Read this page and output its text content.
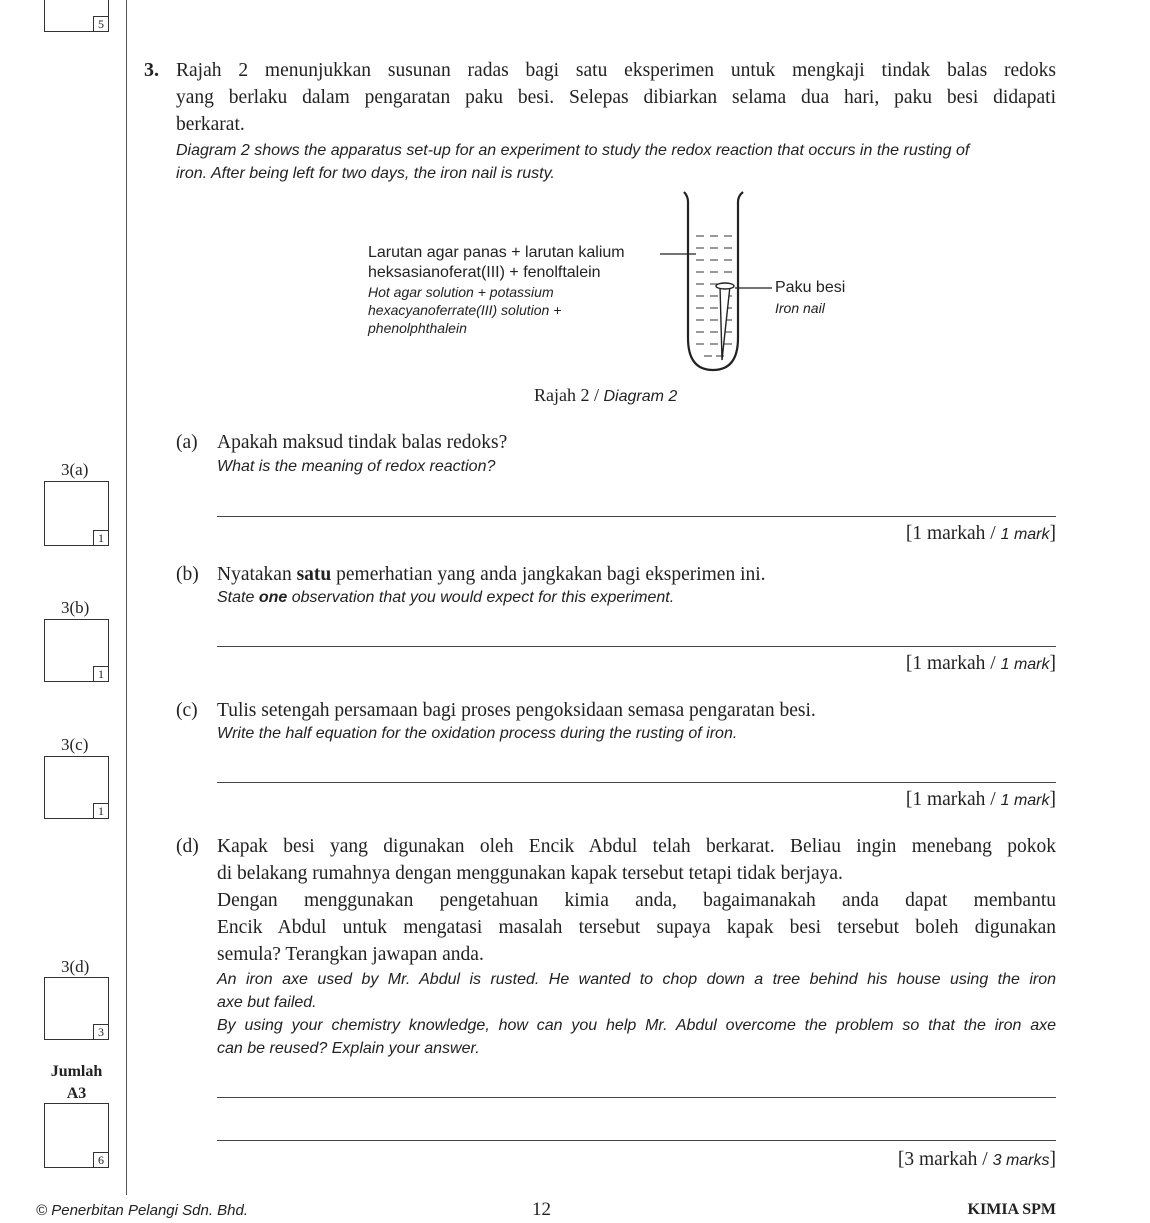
5
3. Rajah 2 menunjukkan susunan radas bagi satu eksperimen untuk mengkaji tindak balas redoks
yang berlaku dalam pengaratan paku besi. Selepas dibiarkan selama dua hari, paku besi didapati
berkarat.
Diagram 2 shows the apparatus set-up for an experiment to study the redox reaction that occurs in the rusting of
iron. After being left for two days, the iron nail is rusty.
Larutan agar panas + larutan kalium
heksasianoferat(III) + fenolftalein
Hot agar solution + potassium
hexacyanoferrate(III) solution +
phenolphthalein
Paku besi
Iron nail
Rajah 2 / Diagram 2
(a) Apakah maksud tindak balas redoks?
What is the meaning of redox reaction?
[1 markah / 1 mark]
3(a)
1
(b) Nyatakan satu pemerhatian yang anda jangkakan bagi eksperimen ini.
State one observation that you would expect for this experiment.
[1 markah / 1 mark]
3(b)
1
(c) Tulis setengah persamaan bagi proses pengoksidaan semasa pengaratan besi.
Write the half equation for the oxidation process during the rusting of iron.
[1 markah / 1 mark]
3(c)
1
(d) Kapak besi yang digunakan oleh Encik Abdul telah berkarat. Beliau ingin menebang pokok
di belakang rumahnya dengan menggunakan kapak tersebut tetapi tidak berjaya.
Dengan menggunakan pengetahuan kimia anda, bagaimanakah anda dapat membantu
Encik Abdul untuk mengatasi masalah tersebut supaya kapak besi tersebut boleh digunakan
semula? Terangkan jawapan anda.
An iron axe used by Mr. Abdul is rusted. He wanted to chop down a tree behind his house using the iron
axe but failed.
By using your chemistry knowledge, how can you help Mr. Abdul overcome the problem so that the iron axe
can be reused? Explain your answer.
[3 markah / 3 marks]
3(d)
3
Jumlah
A3
6
© Penerbitan Pelangi Sdn. Bhd.	12	KIMIA SPM
